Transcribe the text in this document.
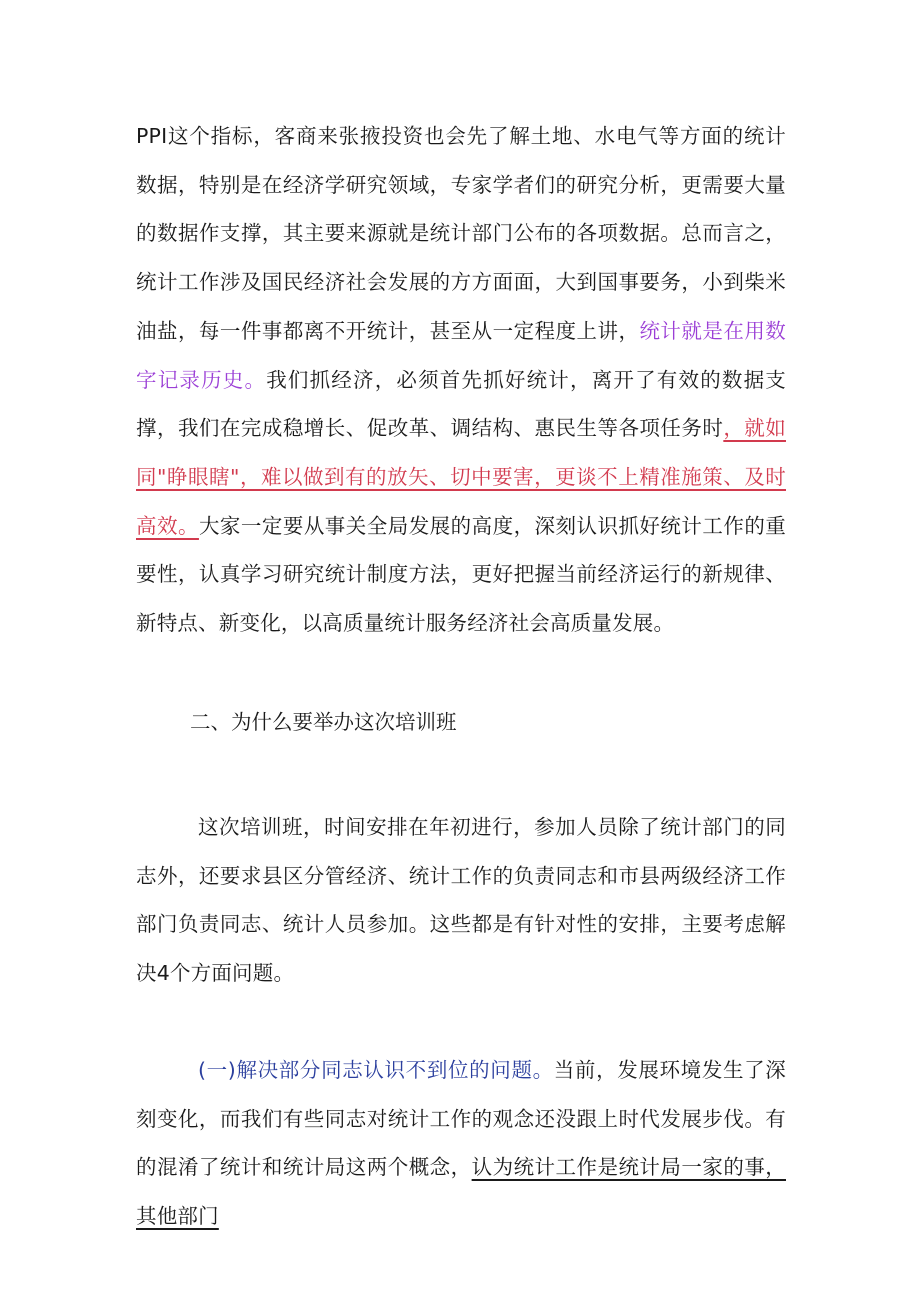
PPI这个指标，客商来张掖投资也会先了解土地、水电气等方面的统计数据，特别是在经济学研究领域，专家学者们的研究分析，更需要大量的数据作支撑，其主要来源就是统计部门公布的各项数据。总而言之，统计工作涉及国民经济社会发展的方方面面，大到国事要务，小到柴米油盐，每一件事都离不开统计，甚至从一定程度上讲，统计就是在用数字记录历史。我们抓经济，必须首先抓好统计，离开了有效的数据支撑，我们在完成稳增长、促改革、调结构、惠民生等各项任务时，就如同"睁眼瞎"，难以做到有的放矢、切中要害，更谈不上精准施策、及时高效。大家一定要从事关全局发展的高度，深刻认识抓好统计工作的重要性，认真学习研究统计制度方法，更好把握当前经济运行的新规律、新特点、新变化，以高质量统计服务经济社会高质量发展。

二、为什么要举办这次培训班

这次培训班，时间安排在年初进行，参加人员除了统计部门的同志外，还要求县区分管经济、统计工作的负责同志和市县两级经济工作部门负责同志、统计人员参加。这些都是有针对性的安排，主要考虑解决4个方面问题。

(一)解决部分同志认识不到位的问题。当前，发展环境发生了深刻变化，而我们有些同志对统计工作的观念还没跟上时代发展步伐。有的混淆了统计和统计局这两个概念，认为统计工作是统计局一家的事，其他部门
